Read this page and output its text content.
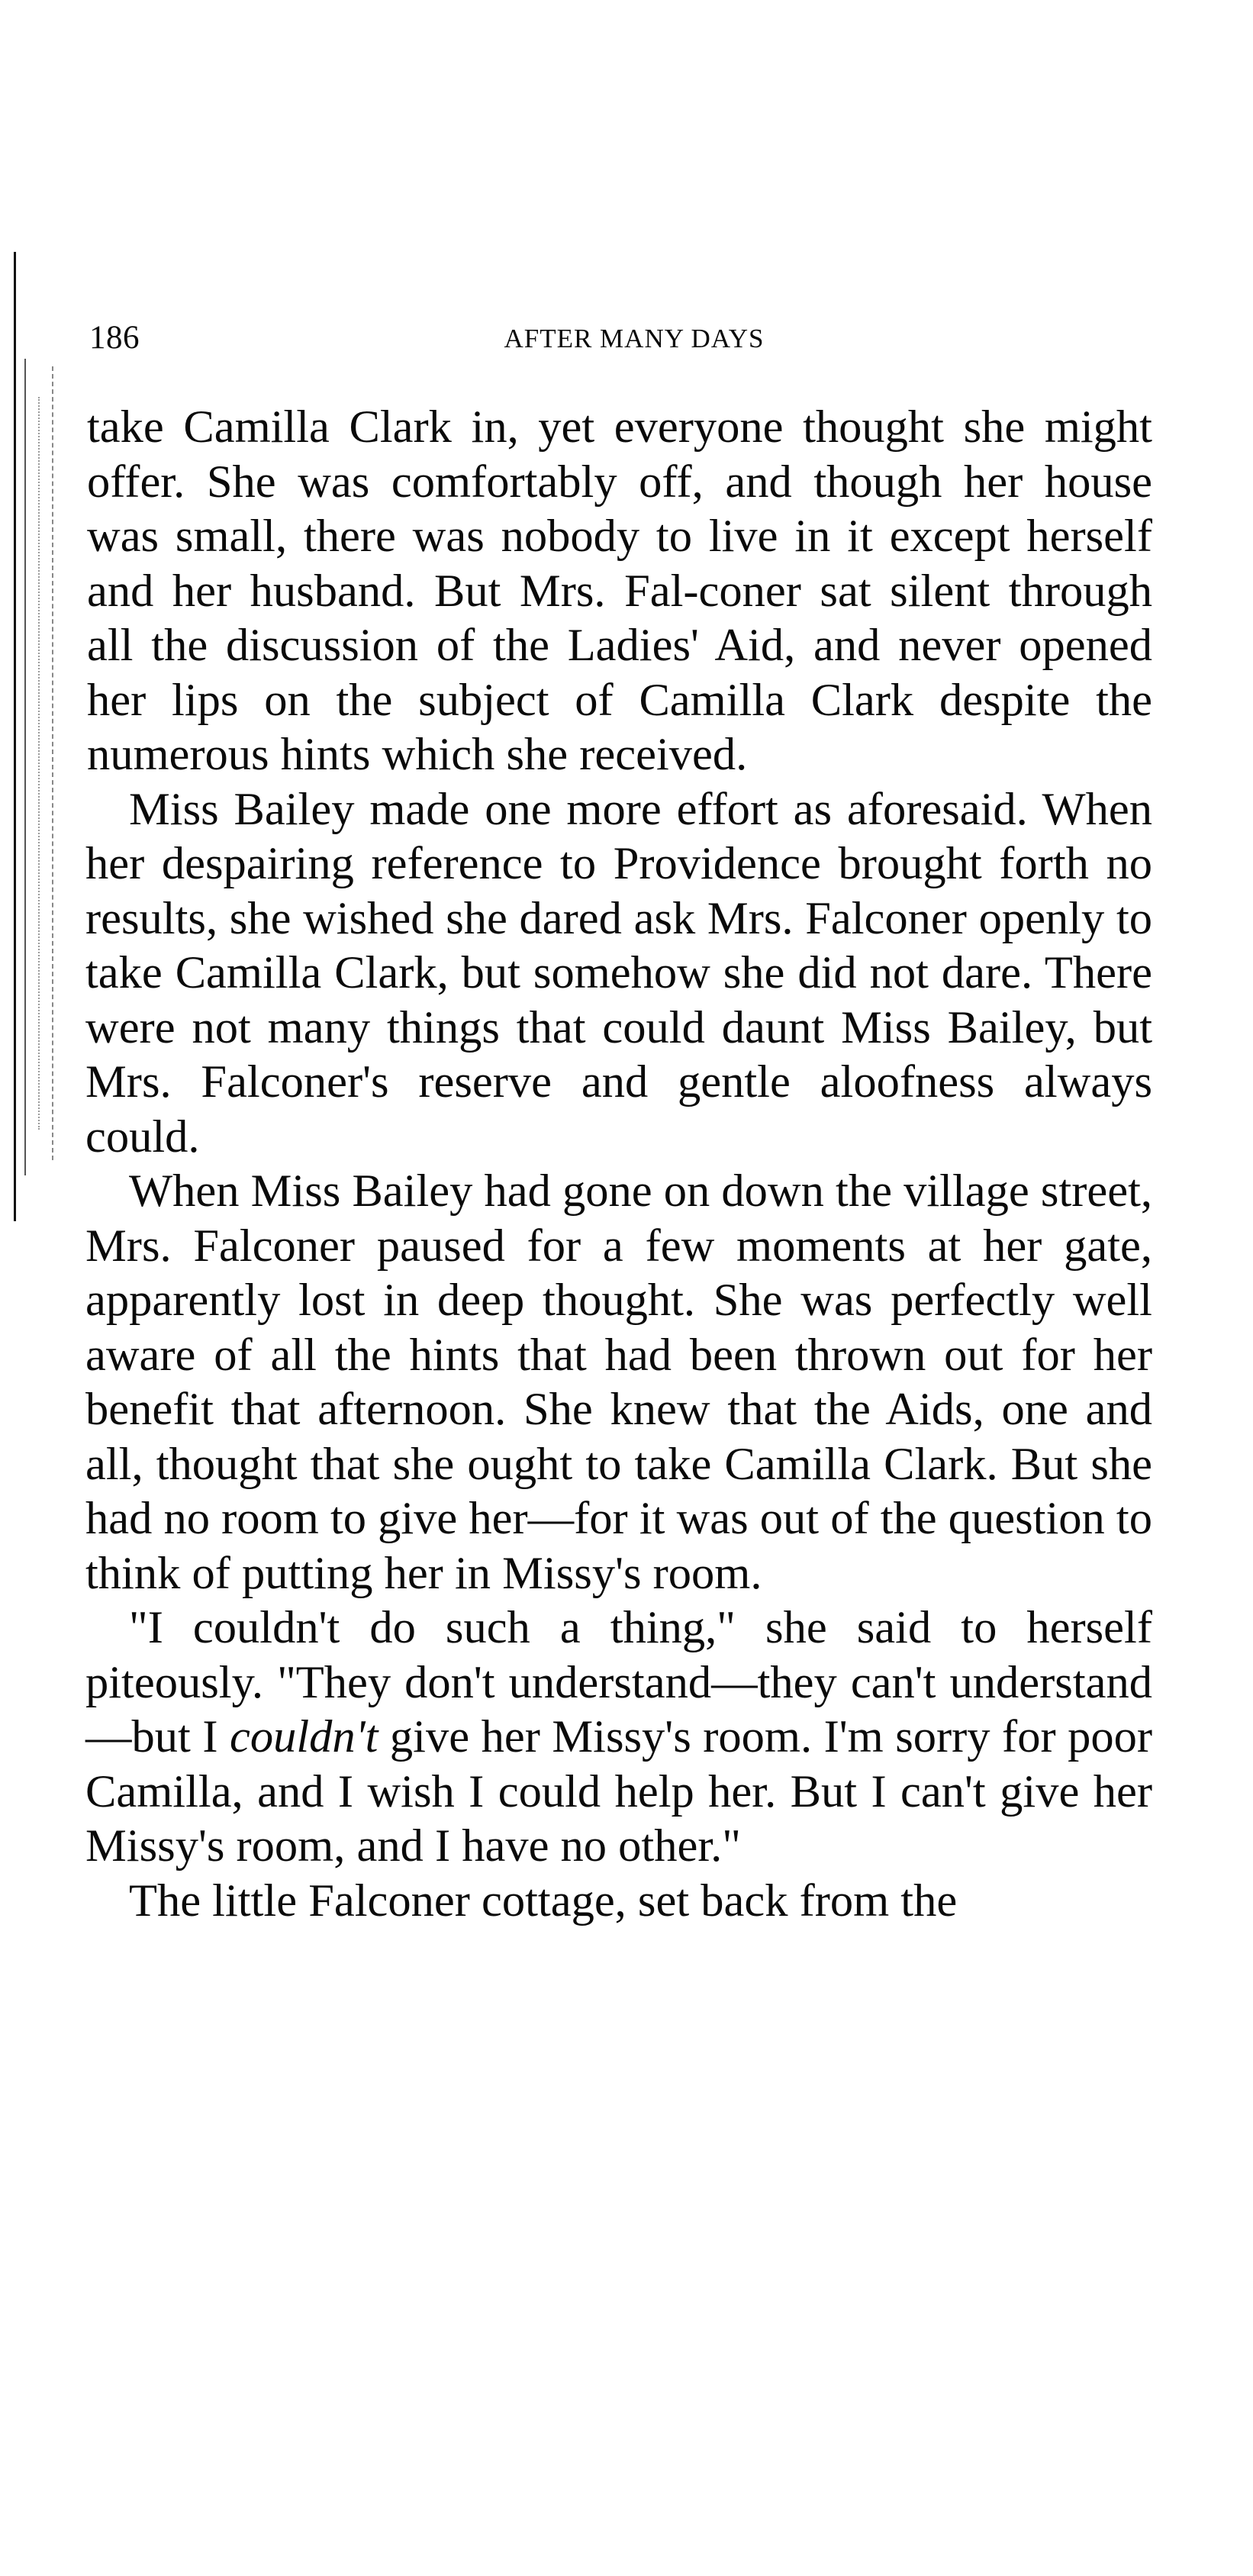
186	AFTER MANY DAYS

take Camilla Clark in, yet everyone thought she might offer. She was comfortably off, and though her house was small, there was nobody to live in it except herself and her husband. But Mrs. Fal-coner sat silent through all the discussion of the Ladies' Aid, and never opened her lips on the subject of Camilla Clark despite the numerous hints which she received.

Miss Bailey made one more effort as aforesaid. When her despairing reference to Providence brought forth no results, she wished she dared ask Mrs. Falconer openly to take Camilla Clark, but somehow she did not dare. There were not many things that could daunt Miss Bailey, but Mrs. Falconer's reserve and gentle aloofness always could.

When Miss Bailey had gone on down the village street, Mrs. Falconer paused for a few moments at her gate, apparently lost in deep thought. She was perfectly well aware of all the hints that had been thrown out for her benefit that afternoon. She knew that the Aids, one and all, thought that she ought to take Camilla Clark. But she had no room to give her—for it was out of the question to think of putting her in Missy's room.

"I couldn't do such a thing," she said to herself piteously. "They don't understand—they can't understand—but I couldn't give her Missy's room. I'm sorry for poor Camilla, and I wish I could help her. But I can't give her Missy's room, and I have no other."

The little Falconer cottage, set back from the
